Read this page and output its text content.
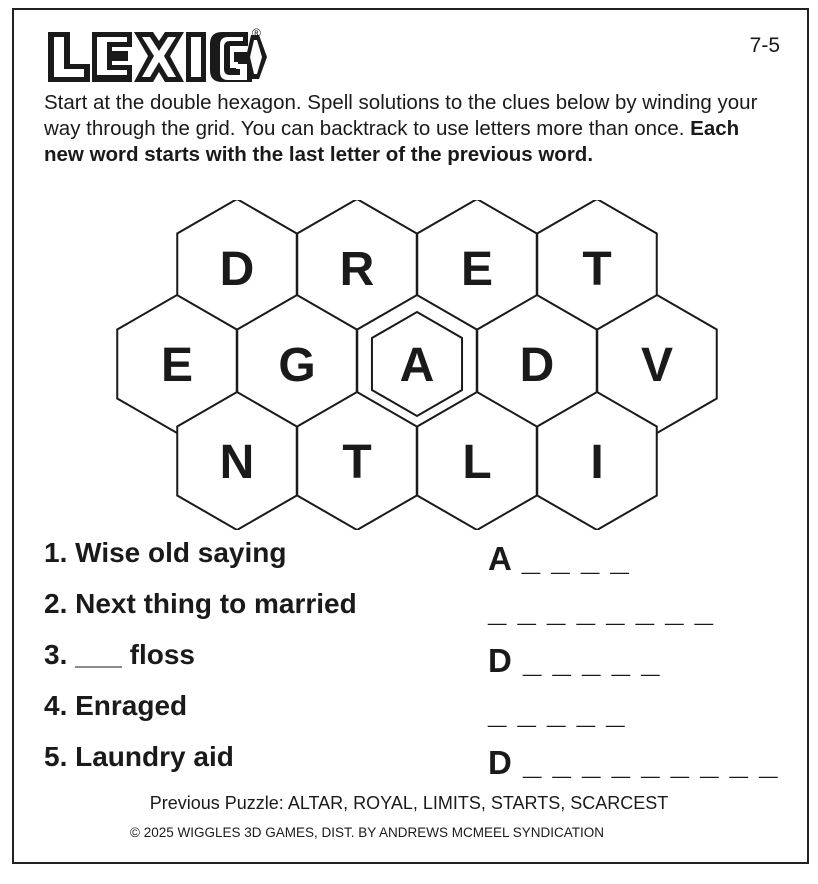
®
7-5
Start at the double hexagon. Spell solutions to the clues below by winding your way through the grid. You can backtrack to use letters more than once. Each new word starts with the last letter of the previous word.
D R E T
E G A D V
N T L I
1. Wise old saying	A _ _ _ _
2. Next thing to married	_ _ _ _ _ _ _ _
3. ___ floss	D _ _ _ _ _
4. Enraged	_ _ _ _ _
5. Laundry aid	D _ _ _ _ _ _ _ _ _
Previous Puzzle: ALTAR, ROYAL, LIMITS, STARTS, SCARCEST
© 2025 WIGGLES 3D GAMES, DIST. BY ANDREWS MCMEEL SYNDICATION
